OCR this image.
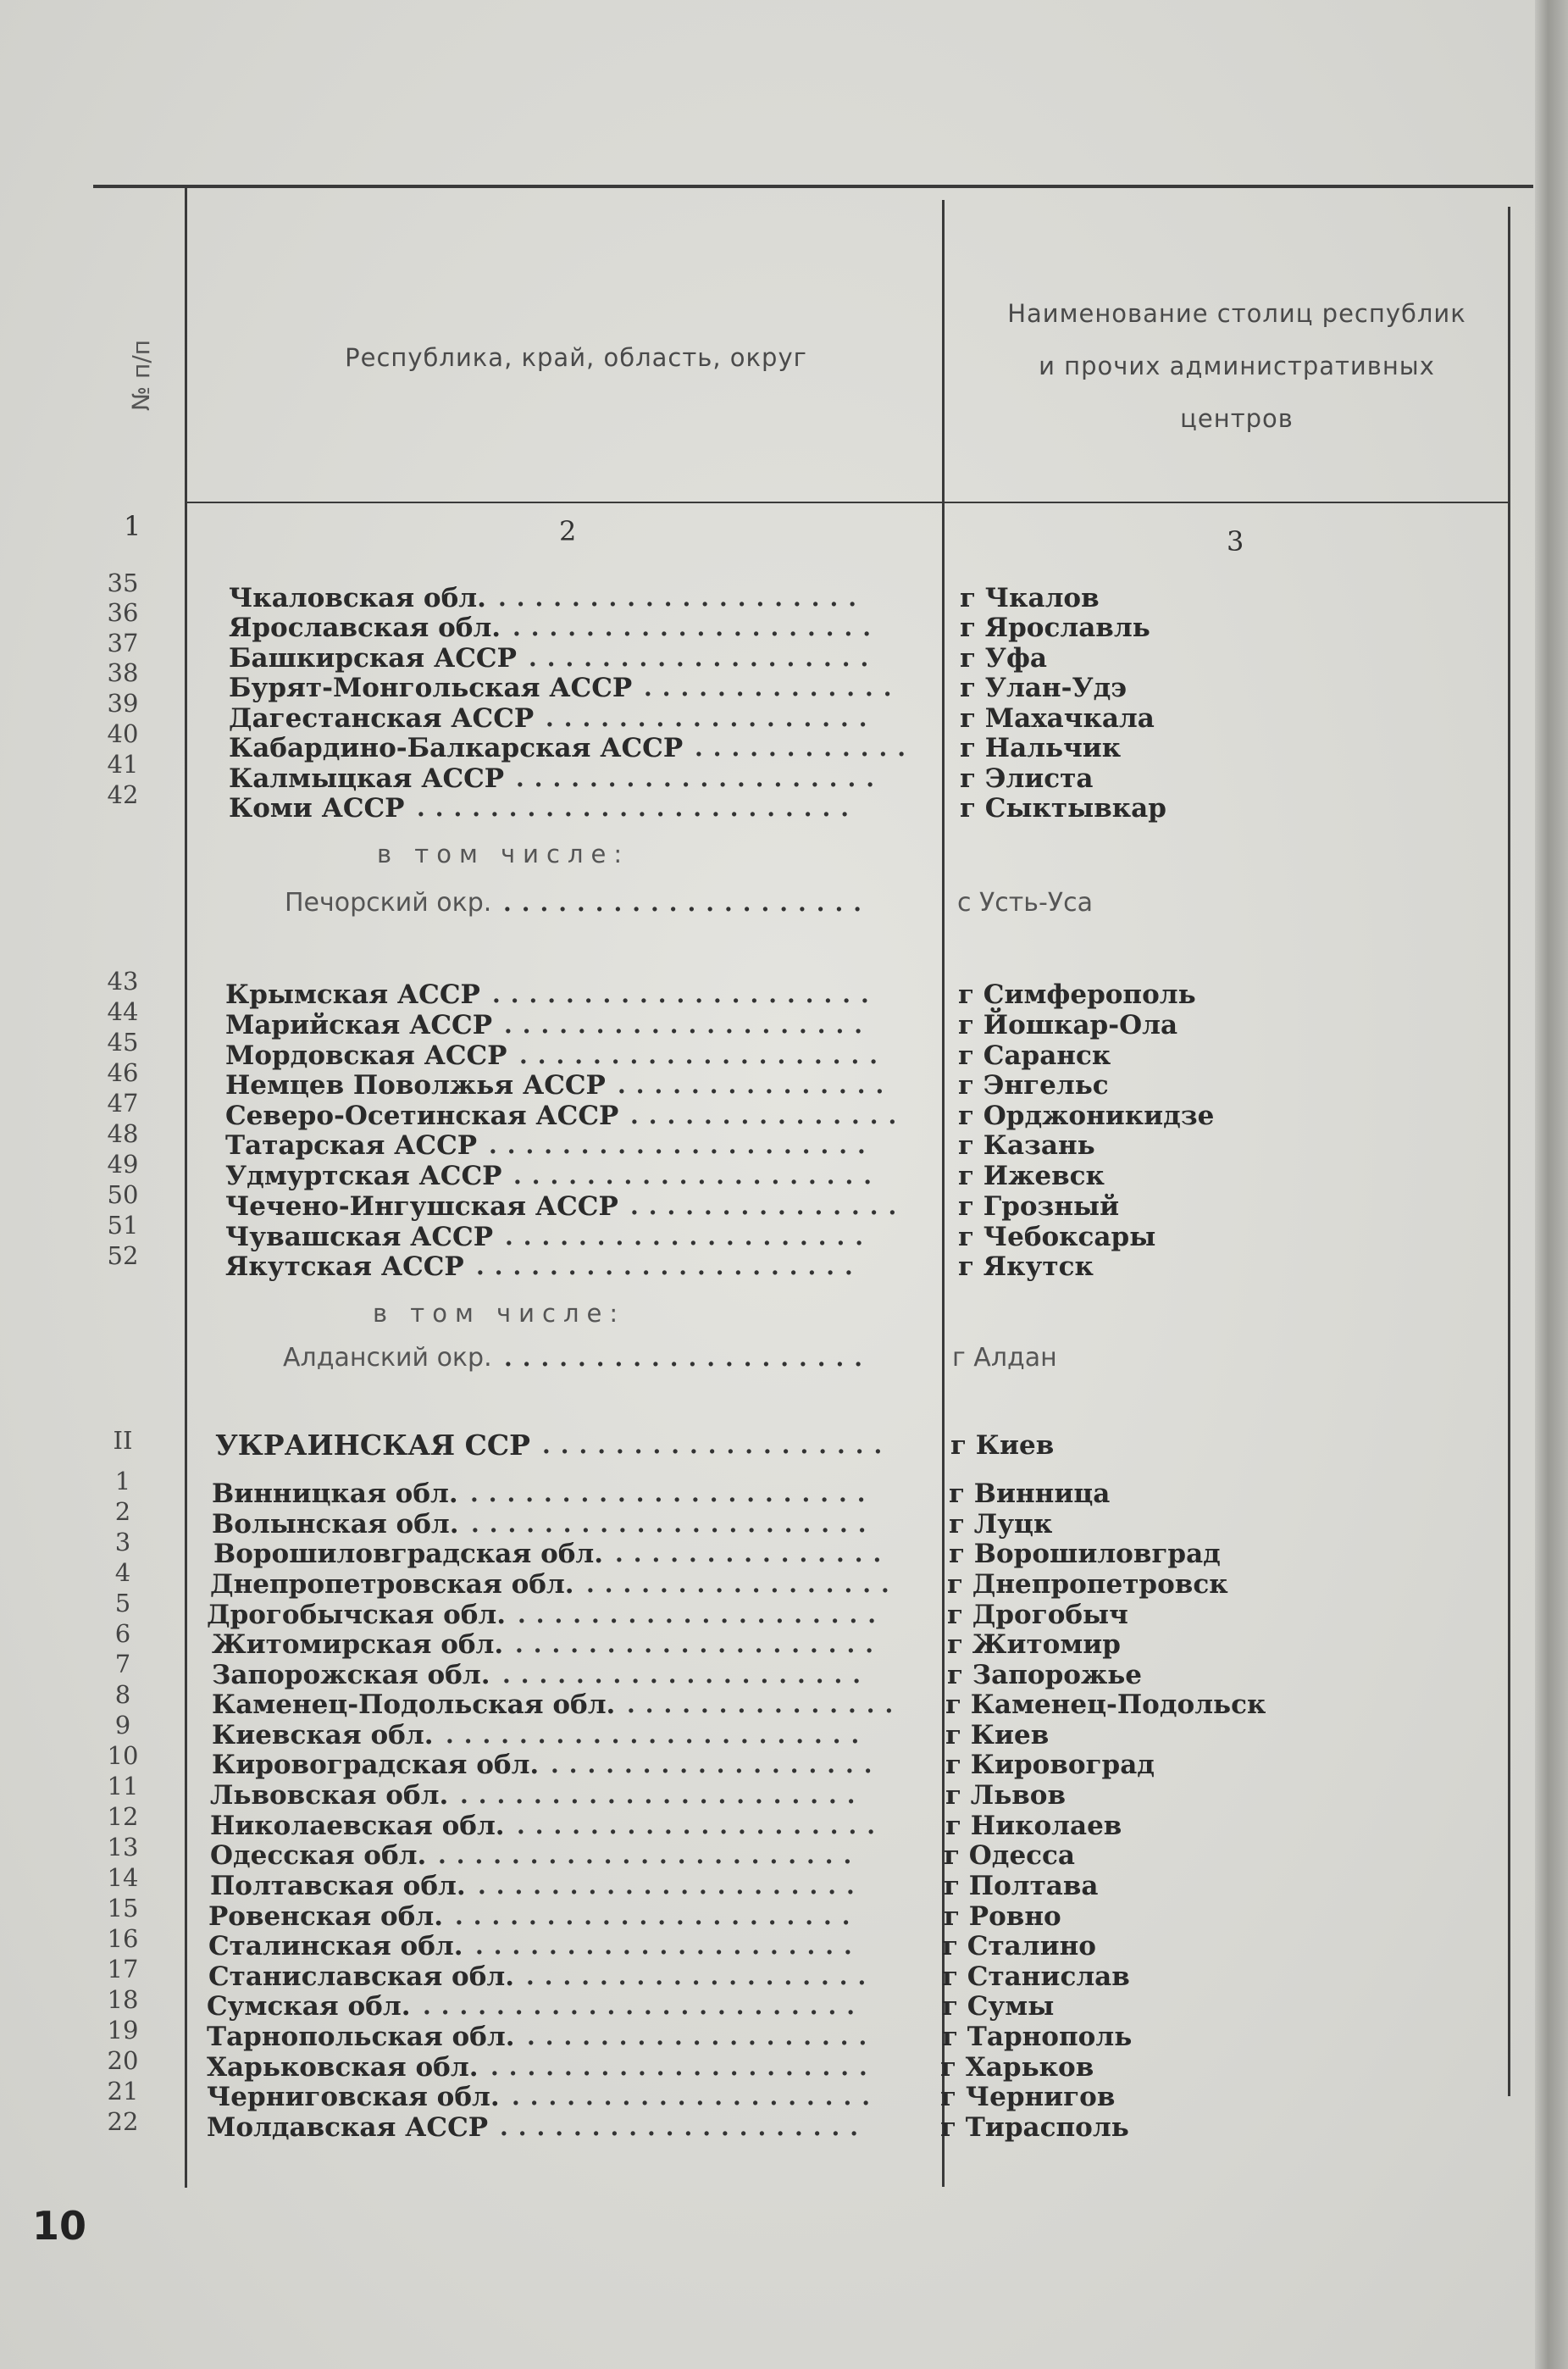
№ п/п	Республика, край, область, округ
Наименование столиц республик
и прочих административных
центров
1	2	3
35	Чкаловская обл. ....................	г Чкалов
36	Ярославская обл. ....................	г Ярославль
37	Башкирская АССР ...................	г Уфа
38	Бурят-Монгольская АССР ..............	г Улан-Удэ
39	Дагестанская АССР ..................	г Махачкала
40	Кабардино-Балкарская АССР ............ г Нальчик
41	Калмыцкая АССР ....................	г Элиста
42	Коми АССР ........................	г Сыктывкар
в том числе:
Печорский окр. ....................	с Усть-Уса
43	Крымская АССР .....................	г Симферополь
44	Марийская АССР ....................	г Йошкар-Ола
45	Мордовская АССР ....................	г Саранск
46	Немцев Поволжья АССР ...............	г Энгельс
47	Северо-Осетинская АССР ...............	г Орджоникидзе
48	Татарская АССР .....................	г Казань
49	Удмуртская АССР ....................	г Ижевск
50	Чечено-Ингушская АССР ...............	г Грозный
51	Чувашская АССР ....................	г Чебоксары
52	Якутская АССР .....................	г Якутск
в том числе:
Алданский окр. ....................	г Алдан
II	УКРАИНСКАЯ ССР ...................	г Киев
1	Винницкая обл. ......................	г Винница
2	Волынская обл. ......................	г Луцк
3	Ворошиловградская обл. ...............	г Ворошиловград
4	Днепропетровская обл. .................	г Днепропетровск
5	Дрогобычская обл. ....................	г Дрогобыч
6	Житомирская обл. ....................	г Житомир
7	Запорожская обл. ....................	г Запорожье
8	Каменец-Подольская обл. ...............	г Каменец-Подольск
9	Киевская обл. .......................	г Киев
10	Кировоградская обл. ..................	г Кировоград
11	Львовская обл. ......................	г Львов
12	Николаевская обл. ....................	г Николаев
13	Одесская обл. .......................	г Одесса
14	Полтавская обл. .....................	г Полтава
15	Ровенская обл. ......................	г Ровно
16	Сталинская обл. .....................	г Сталино
17	Станиславская обл. ...................	г Станислав
18	Сумская обл. ........................	г Сумы
19	Тарнопольская обл. ...................	г Тарнополь
20	Харьковская обл. .....................	г Харьков
21	Черниговская обл. ....................	г Чернигов
22	Молдавская АССР ....................	г Тирасполь
10
